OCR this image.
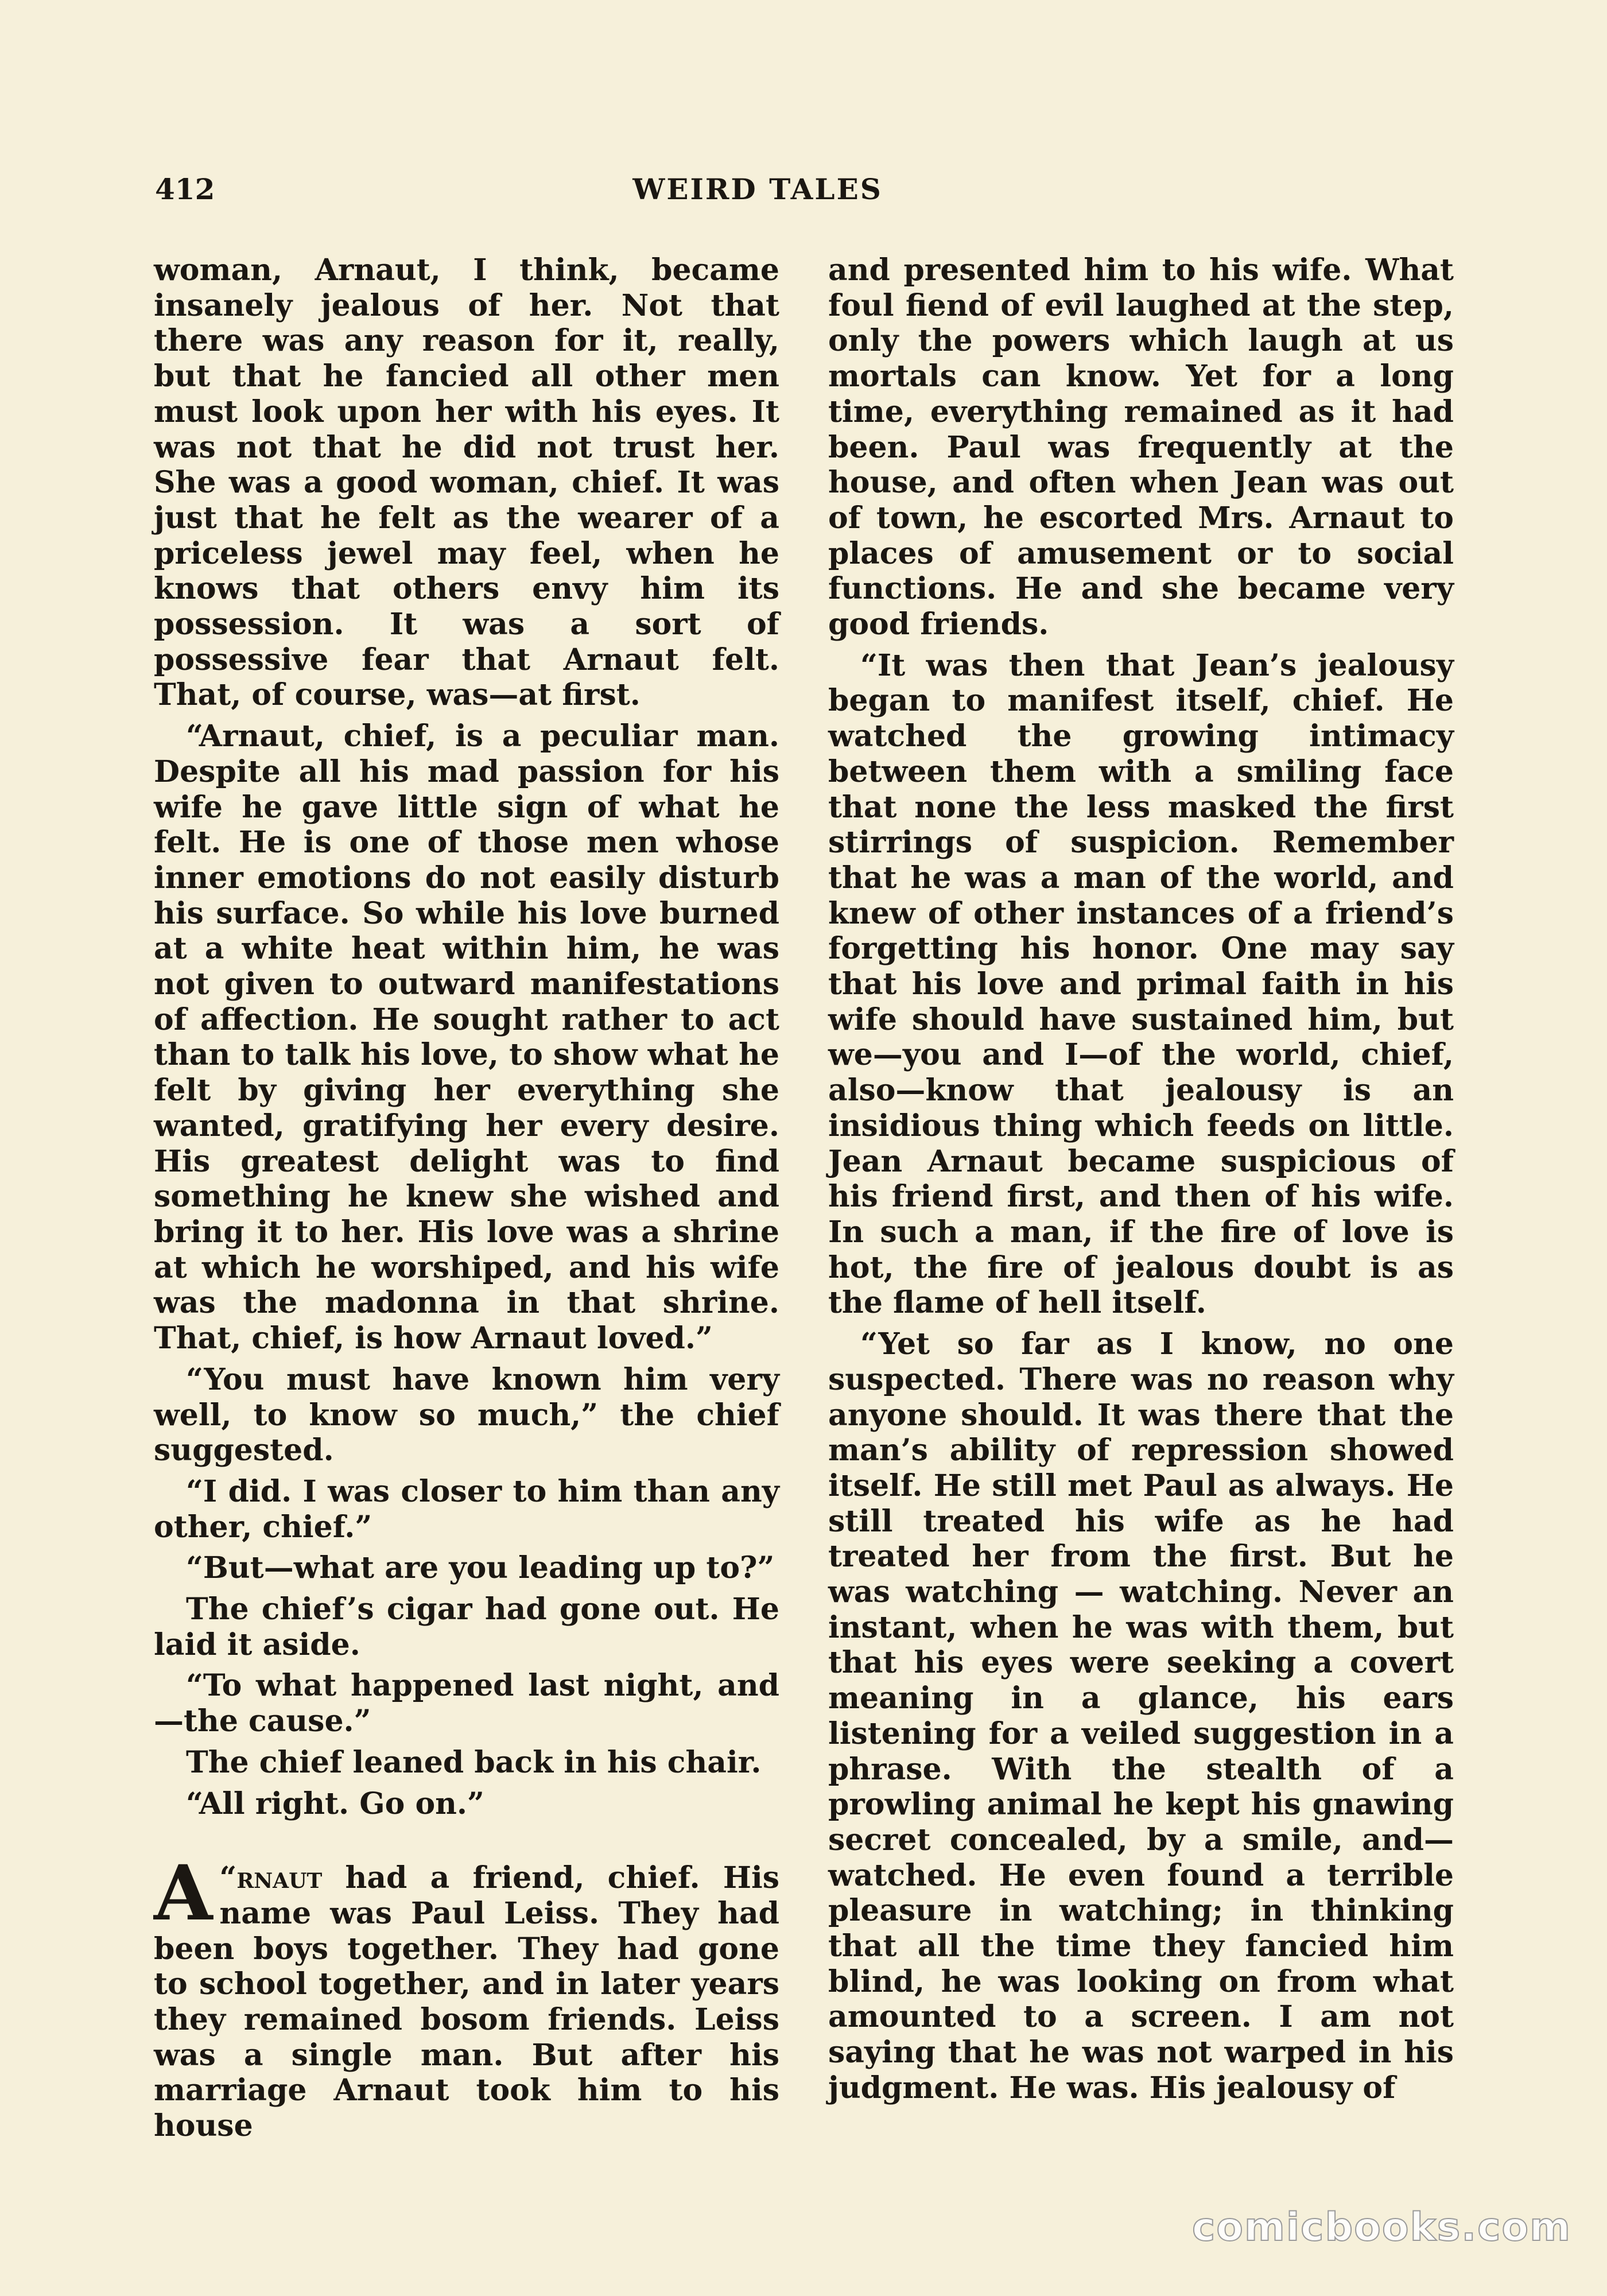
412	WEIRD TALES

woman, Arnaut, I think, became insanely jealous of her. Not that there was any reason for it, really, but that he fancied all other men must look upon her with his eyes. It was not that he did not trust her. She was a good woman, chief. It was just that he felt as the wearer of a priceless jewel may feel, when he knows that others envy him its possession. It was a sort of possessive fear that Arnaut felt. That, of course, was—at first.

“Arnaut, chief, is a peculiar man. Despite all his mad passion for his wife he gave little sign of what he felt. He is one of those men whose inner emotions do not easily disturb his surface. So while his love burned at a white heat within him, he was not given to outward manifestations of affection. He sought rather to act than to talk his love, to show what he felt by giving her everything she wanted, gratifying her every desire. His greatest delight was to find something he knew she wished and bring it to her. His love was a shrine at which he worshiped, and his wife was the madonna in that shrine. That, chief, is how Arnaut loved.”

“You must have known him very well, to know so much,” the chief suggested.

“I did. I was closer to him than any other, chief.”

“But—what are you leading up to?”

The chief’s cigar had gone out. He laid it aside.

“To what happened last night, and —the cause.”

The chief leaned back in his chair.

“All right. Go on.”

“
A rnaut had a friend, chief. His name was Paul Leiss. They had been boys together. They had gone to school together, and in later years they remained bosom friends. Leiss was a single man. But after his marriage Arnaut took him to his house

and presented him to his wife. What foul fiend of evil laughed at the step, only the powers which laugh at us mortals can know. Yet for a long time, everything remained as it had been. Paul was frequently at the house, and often when Jean was out of town, he escorted Mrs. Arnaut to places of amusement or to social functions. He and she became very good friends.

“It was then that Jean’s jealousy began to manifest itself, chief. He watched the growing intimacy between them with a smiling face that none the less masked the first stirrings of suspicion. Remember that he was a man of the world, and knew of other instances of a friend’s forgetting his honor. One may say that his love and primal faith in his wife should have sustained him, but we—you and I—of the world, chief, also—know that jealousy is an insidious thing which feeds on little. Jean Arnaut became suspicious of his friend first, and then of his wife. In such a man, if the fire of love is hot, the fire of jealous doubt is as the flame of hell itself.

“Yet so far as I know, no one suspected. There was no reason why anyone should. It was there that the man’s ability of repression showed itself. He still met Paul as always. He still treated his wife as he had treated her from the first. But he was watching — watching. Never an instant, when he was with them, but that his eyes were seeking a covert meaning in a glance, his ears listening for a veiled suggestion in a phrase. With the stealth of a prowling animal he kept his gnawing secret concealed, by a smile, and—watched. He even found a terrible pleasure in watching; in thinking that all the time they fancied him blind, he was looking on from what amounted to a screen. I am not saying that he was not warped in his judgment. He was. His jealousy of

comicbooks.com
